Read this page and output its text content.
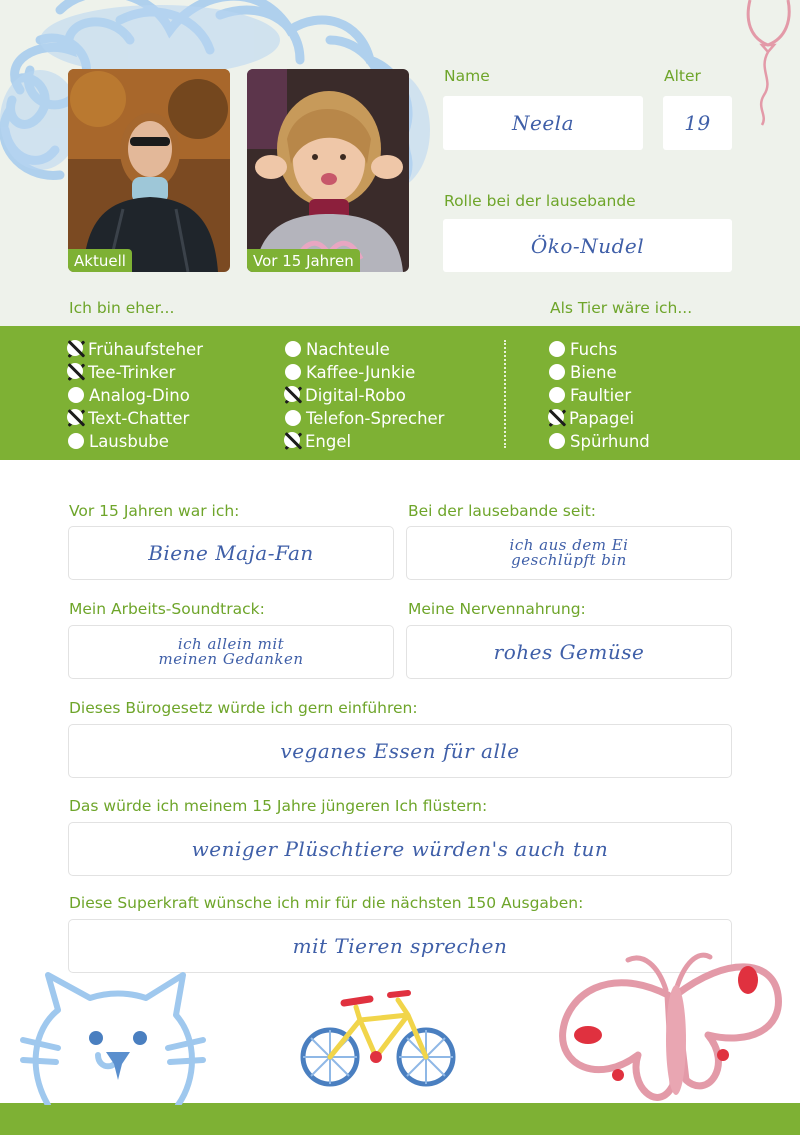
Aktuell	Vor 15 Jahren
Name
Neela
Alter
19
Rolle bei der lausebande
Öko-Nudel
Ich bin eher...	Als Tier wäre ich...
Frühaufsteher
Tee-Trinker
Analog-Dino
Text-Chatter
Lausbube
Nachteule
Kaffee-Junkie
Digital-Robo
Telefon-Sprecher
Engel
Fuchs
Biene
Faultier
Papagei
Spürhund
Vor 15 Jahren war ich:
Biene Maja-Fan
Bei der lausebande seit:
ich aus dem Ei geschlüpft bin
Mein Arbeits-Soundtrack:
ich allein mit meinen Gedanken
Meine Nervennahrung:
rohes Gemüse
Dieses Bürogesetz würde ich gern einführen:
veganes Essen für alle
Das würde ich meinem 15 Jahre jüngeren Ich flüstern:
weniger Plüschtiere würden's auch tun
Diese Superkraft wünsche ich mir für die nächsten 150 Ausgaben:
mit Tieren sprechen
